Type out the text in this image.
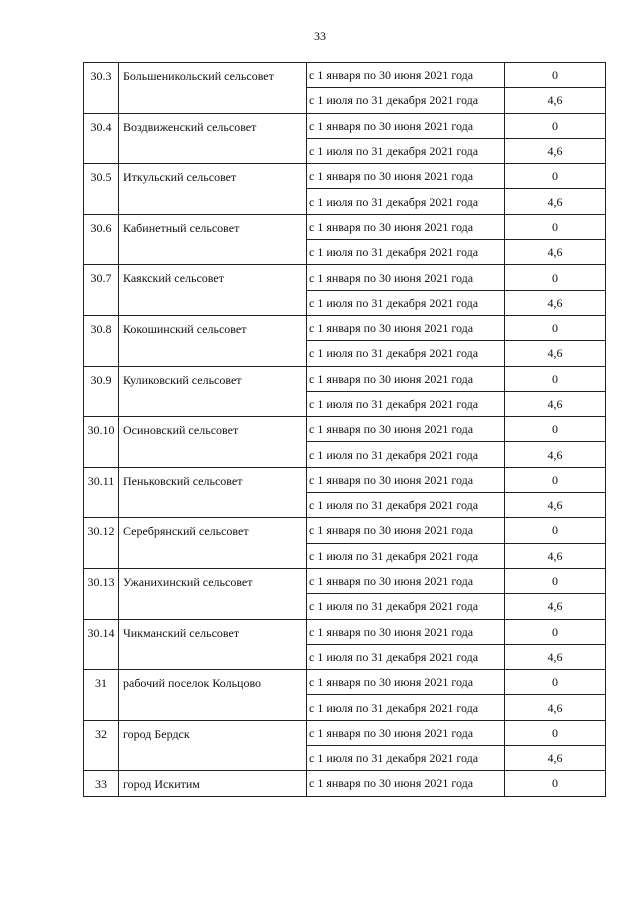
33
30.3	Большеникольский сельсовет	с 1 января по 30 июня 2021 года	0
		с 1 июля по 31 декабря 2021 года	4,6
30.4	Воздвиженский сельсовет	с 1 января по 30 июня 2021 года	0
		с 1 июля по 31 декабря 2021 года	4,6
30.5	Иткульский сельсовет	с 1 января по 30 июня 2021 года	0
		с 1 июля по 31 декабря 2021 года	4,6
30.6	Кабинетный сельсовет	с 1 января по 30 июня 2021 года	0
		с 1 июля по 31 декабря 2021 года	4,6
30.7	Каякский сельсовет	с 1 января по 30 июня 2021 года	0
		с 1 июля по 31 декабря 2021 года	4,6
30.8	Кокошинский сельсовет	с 1 января по 30 июня 2021 года	0
		с 1 июля по 31 декабря 2021 года	4,6
30.9	Куликовский сельсовет	с 1 января по 30 июня 2021 года	0
		с 1 июля по 31 декабря 2021 года	4,6
30.10	Осиновский сельсовет	с 1 января по 30 июня 2021 года	0
		с 1 июля по 31 декабря 2021 года	4,6
30.11	Пеньковский сельсовет	с 1 января по 30 июня 2021 года	0
		с 1 июля по 31 декабря 2021 года	4,6
30.12	Серебрянский сельсовет	с 1 января по 30 июня 2021 года	0
		с 1 июля по 31 декабря 2021 года	4,6
30.13	Ужанихинский сельсовет	с 1 января по 30 июня 2021 года	0
		с 1 июля по 31 декабря 2021 года	4,6
30.14	Чикманский сельсовет	с 1 января по 30 июня 2021 года	0
		с 1 июля по 31 декабря 2021 года	4,6
31	рабочий поселок Кольцово	с 1 января по 30 июня 2021 года	0
		с 1 июля по 31 декабря 2021 года	4,6
32	город Бердск	с 1 января по 30 июня 2021 года	0
		с 1 июля по 31 декабря 2021 года	4,6
33	город Искитим	с 1 января по 30 июня 2021 года	0
